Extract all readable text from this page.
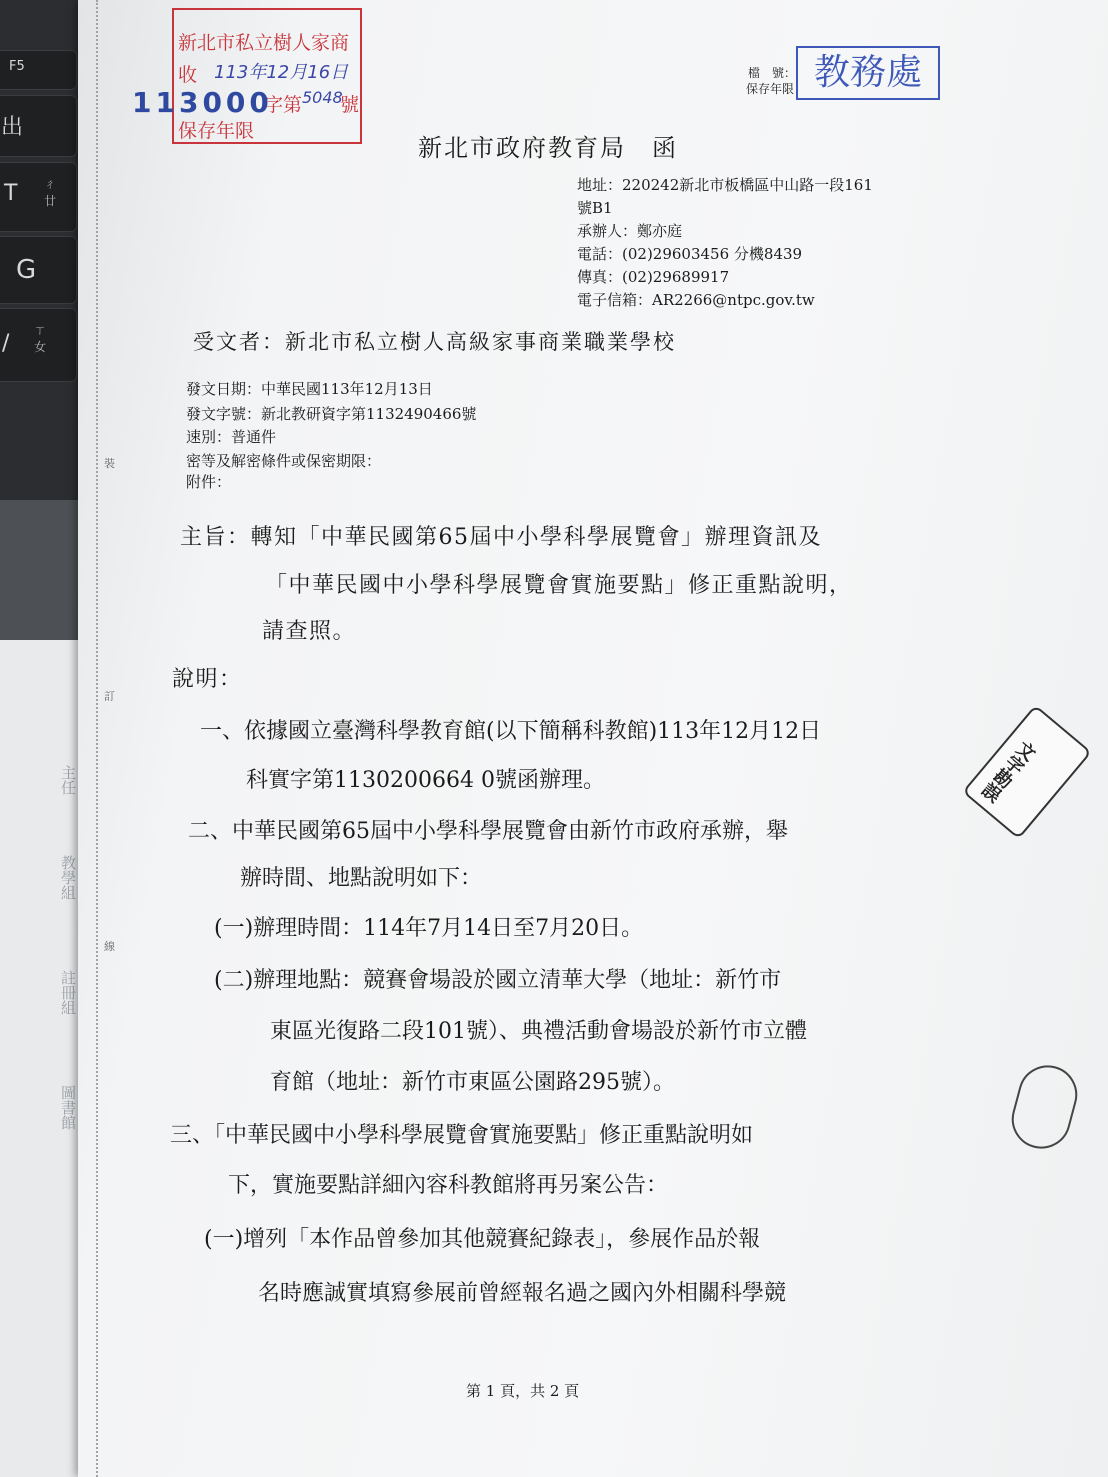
F5
出
T ㄔ 廿
G
/
ㄒ 女
主任
教學組
註冊組
圖書館
裝
訂
線
新北市私立樹人家商
收 113年12月16日
字第 5048
號
保存年限
113000
檔　號：
保存年限： 教務處
新北市政府教育局　函
地址：220242新北市板橋區中山路一段161
號B1
承辦人：鄭亦庭
電話：(02)29603456 分機8439
傳真：(02)29689917
電子信箱：AR2266@ntpc.gov.tw
受文者：新北市私立樹人高級家事商業職業學校
發文日期：中華民國113年12月13日
發文字號：新北教研資字第1132490466號
速別：普通件
密等及解密條件或保密期限：
附件：
主旨：轉知「中華民國第65屆中小學科學展覽會」辦理資訊及
「中華民國中小學科學展覽會實施要點」修正重點說明，
請查照。
說明：
一、依據國立臺灣科學教育館(以下簡稱科教館)113年12月12日
科實字第1130200664 0號函辦理。
二、中華民國第65屆中小學科學展覽會由新竹市政府承辦，舉
辦時間、地點說明如下：
(一)辦理時間：114年7月14日至7月20日。
(二)辦理地點：競賽會場設於國立清華大學（地址：新竹市
東區光復路二段101號）、典禮活動會場設於新竹市立體
育館（地址：新竹市東區公園路295號）。
三、「中華民國中小學科學展覽會實施要點」修正重點說明如
下，實施要點詳細內容科教館將再另案公告：
(一)增列「本作品曾參加其他競賽紀錄表」，參展作品於報
名時應誠實填寫參展前曾經報名過之國內外相關科學競
文字勘誤
第 1 頁，共 2 頁
